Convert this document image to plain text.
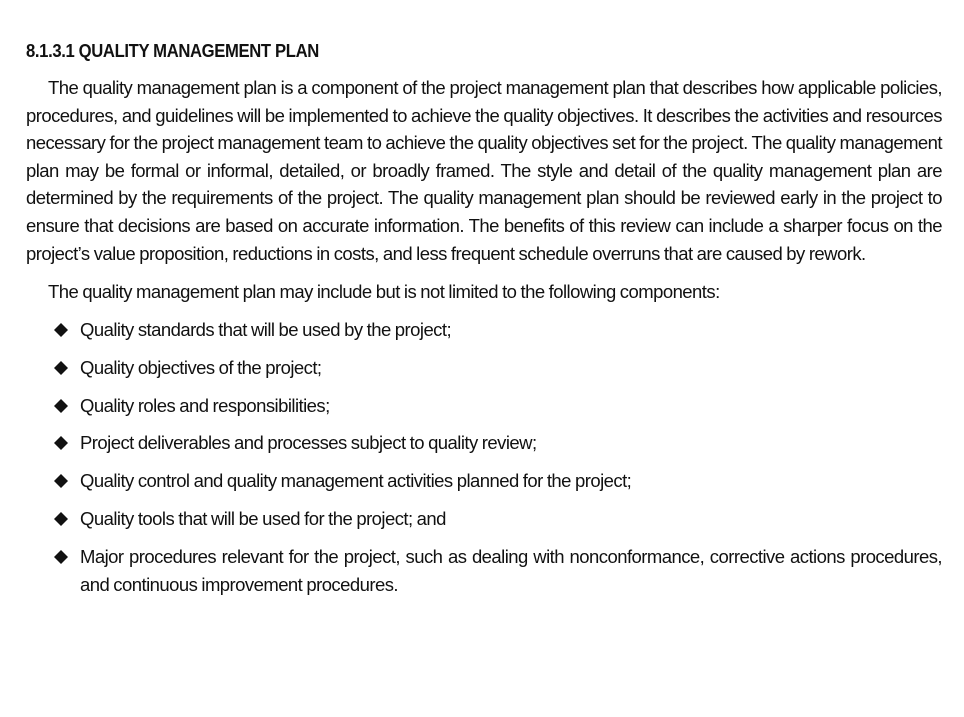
8.1.3.1 QUALITY MANAGEMENT PLAN

The quality management plan is a component of the project management plan that describes how applicable policies, procedures, and guidelines will be implemented to achieve the quality objectives. It describes the activities and resources necessary for the project management team to achieve the quality objectives set for the project. The quality management plan may be formal or informal, detailed, or broadly framed. The style and detail of the quality management plan are determined by the requirements of the project. The quality management plan should be reviewed early in the project to ensure that decisions are based on accurate information. The benefits of this review can include a sharper focus on the project’s value proposition, reductions in costs, and less frequent schedule overruns that are caused by rework.

The quality management plan may include but is not limited to the following components:

Quality standards that will be used by the project;
Quality objectives of the project;
Quality roles and responsibilities;
Project deliverables and processes subject to quality review;
Quality control and quality management activities planned for the project;
Quality tools that will be used for the project; and
Major procedures relevant for the project, such as dealing with nonconformance, corrective actions procedures, and continuous improvement procedures.
